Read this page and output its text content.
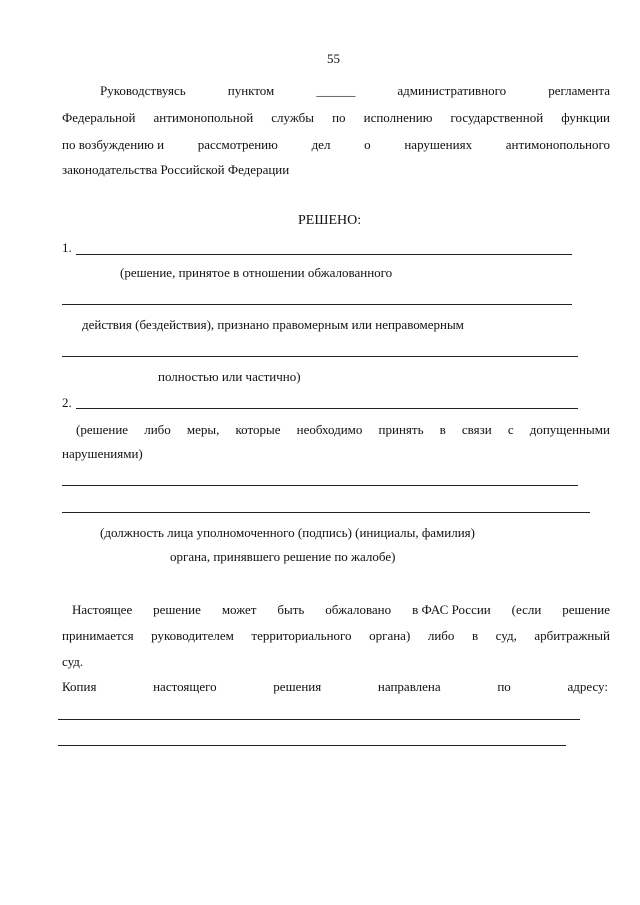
55
Руководствуясь	пунктом	______	административного	регламента
Федеральной антимонопольной службы по исполнению государственной функции
по возбуждению и	рассмотрению	дел	о	нарушениях	антимонопольного
законодательства Российской Федерации
РЕШЕНО:
1.
(решение, принятое в отношении обжалованного
действия (бездействия), признано правомерным или неправомерным
полностью или частично)
2.
(решение либо меры, которые необходимо принять в связи с допущенными
нарушениями)
(должность лица уполномоченного (подпись) (инициалы, фамилия)
органа, принявшего решение по жалобе)
Настоящее решение может быть обжаловано в ФАС России (если решение
принимается руководителем территориального органа) либо в суд, арбитражный
суд.
Копия	настоящего	решения	направлена	по	адресу:
